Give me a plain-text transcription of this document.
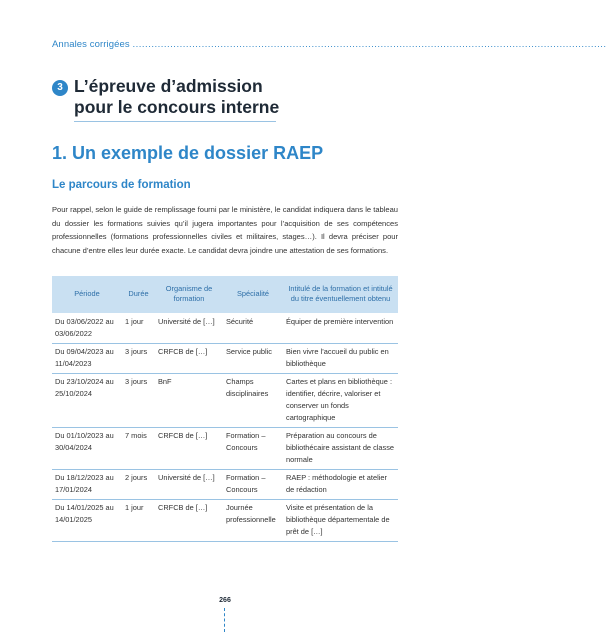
Annales corrigées .......................................................................................................................................................
3 L’épreuve d’admission pour le concours interne
1. Un exemple de dossier RAEP
Le parcours de formation

Pour rappel, selon le guide de remplissage fourni par le ministère, le candidat indiquera dans le tableau du dossier les formations suivies qu’il jugera importantes pour l’acquisition de ses compétences professionnelles (formations professionnelles civiles et militaires, stages…). Il devra préciser pour chacune d’entre elles leur durée exacte. Le candidat devra joindre une attestation de ses formations.

Période	Durée	Organisme de formation	Spécialité	Intitulé de la formation et intitulé du titre éventuellement obtenu
Du 03/06/2022 au 03/06/2022	1 jour	Université de […]	Sécurité	Équiper de première intervention
Du 09/04/2023 au 11/04/2023	3 jours	CRFCB de […]	Service public	Bien vivre l’accueil du public en bibliothèque
Du 23/10/2024 au 25/10/2024	3 jours	BnF	Champs disciplinaires	Cartes et plans en bibliothèque : identifier, décrire, valoriser et conserver un fonds cartographique
Du 01/10/2023 au 30/04/2024	7 mois	CRFCB de […]	Formation – Concours	Préparation au concours de bibliothécaire assistant de classe normale
Du 18/12/2023 au 17/01/2024	2 jours	Université de […]	Formation – Concours	RAEP : méthodologie et atelier de rédaction
Du 14/01/2025 au 14/01/2025	1 jour	CRFCB de […]	Journée professionnelle	Visite et présentation de la bibliothèque départementale de prêt de […]
266
